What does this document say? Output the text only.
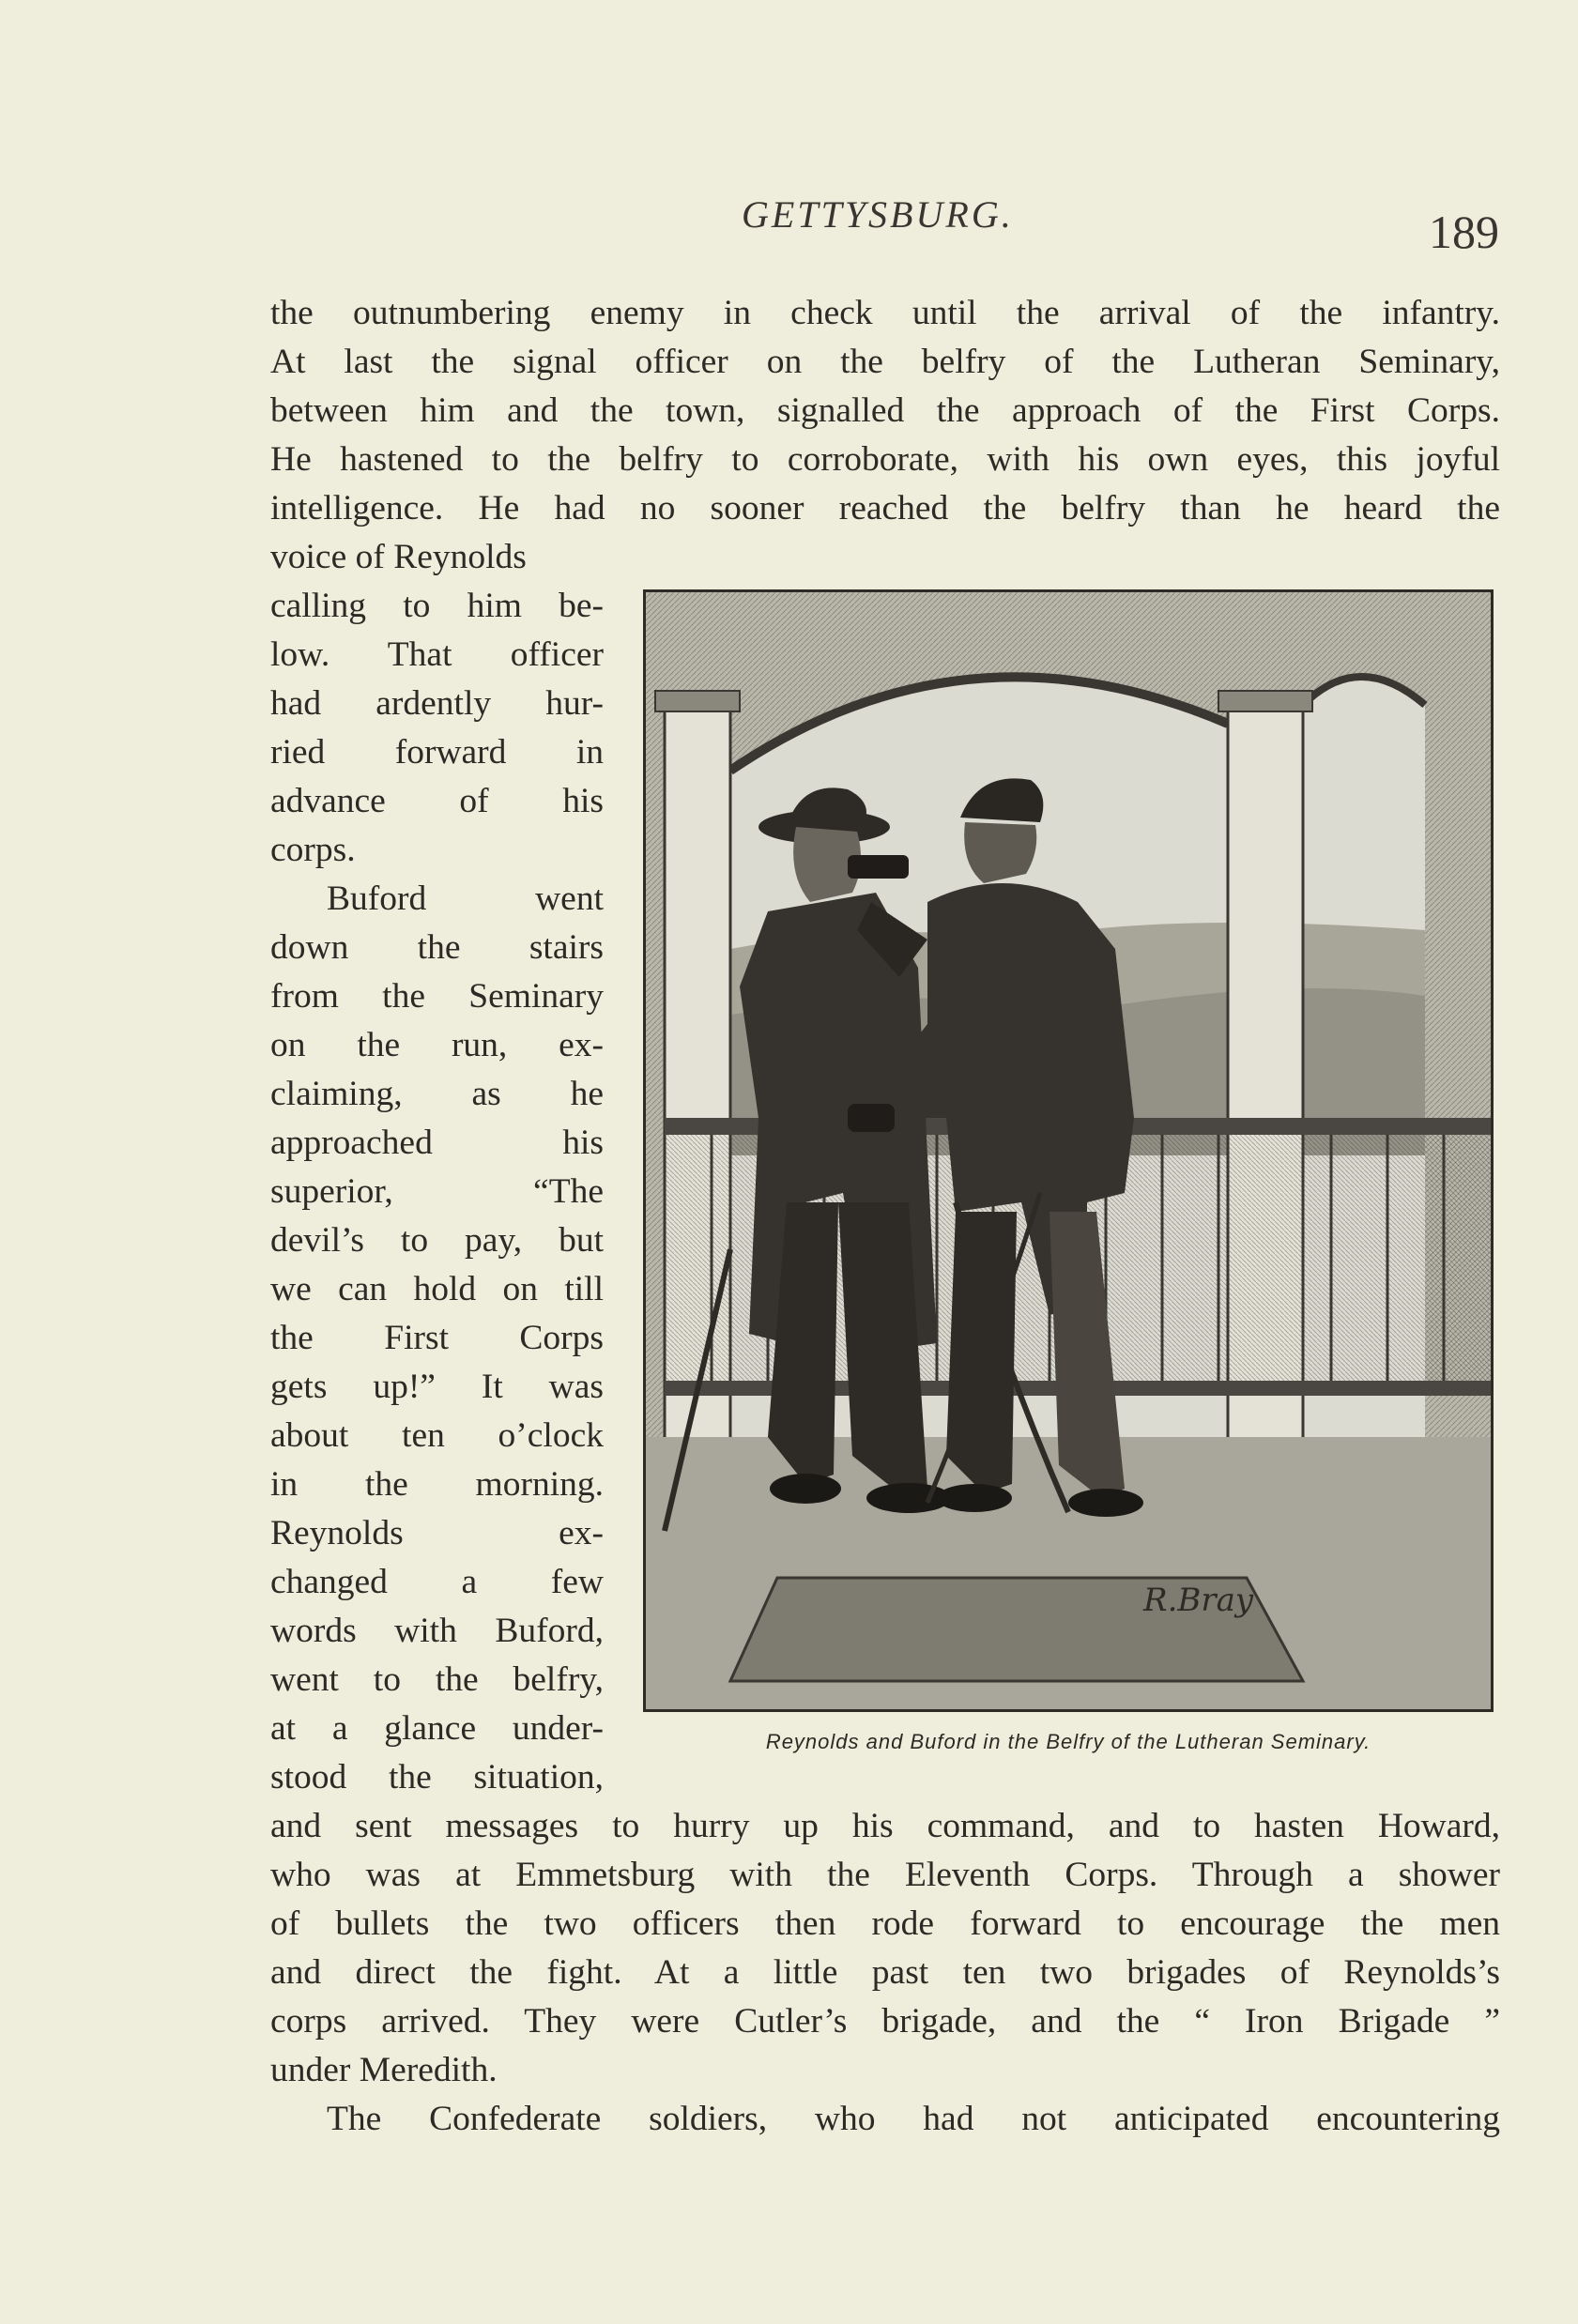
GETTYSBURG.	189
the outnumbering enemy in check until the arrival of the infantry.
At last the signal officer on the belfry of the Lutheran Seminary,
between him and the town, signalled the approach of the First Corps.
He hastened to the belfry to corroborate, with his own eyes, this joyful
intelligence. He had no sooner reached the belfry than he heard the
voice of Reynolds
calling to him be-
low. That officer
had ardently hur-
ried forward in
advance of his
corps.
Buford went
down the stairs
from the Seminary
on the run, ex-
claiming, as he
approached his
superior, “The
devil’s to pay, but
we can hold on till
the First Corps
gets up!” It was
about ten o’clock
in the morning.
Reynolds ex-
changed a few
words with Buford,
went to the belfry,
at a glance under-
stood the situation,
R.Bray
Reynolds and Buford in the Belfry of the Lutheran Seminary.
and sent messages to hurry up his command, and to hasten Howard,
who was at Emmetsburg with the Eleventh Corps. Through a shower
of bullets the two officers then rode forward to encourage the men
and direct the fight. At a little past ten two brigades of Reynolds’s
corps arrived. They were Cutler’s brigade, and the “ Iron Brigade ”
under Meredith.
The Confederate soldiers, who had not anticipated encountering
